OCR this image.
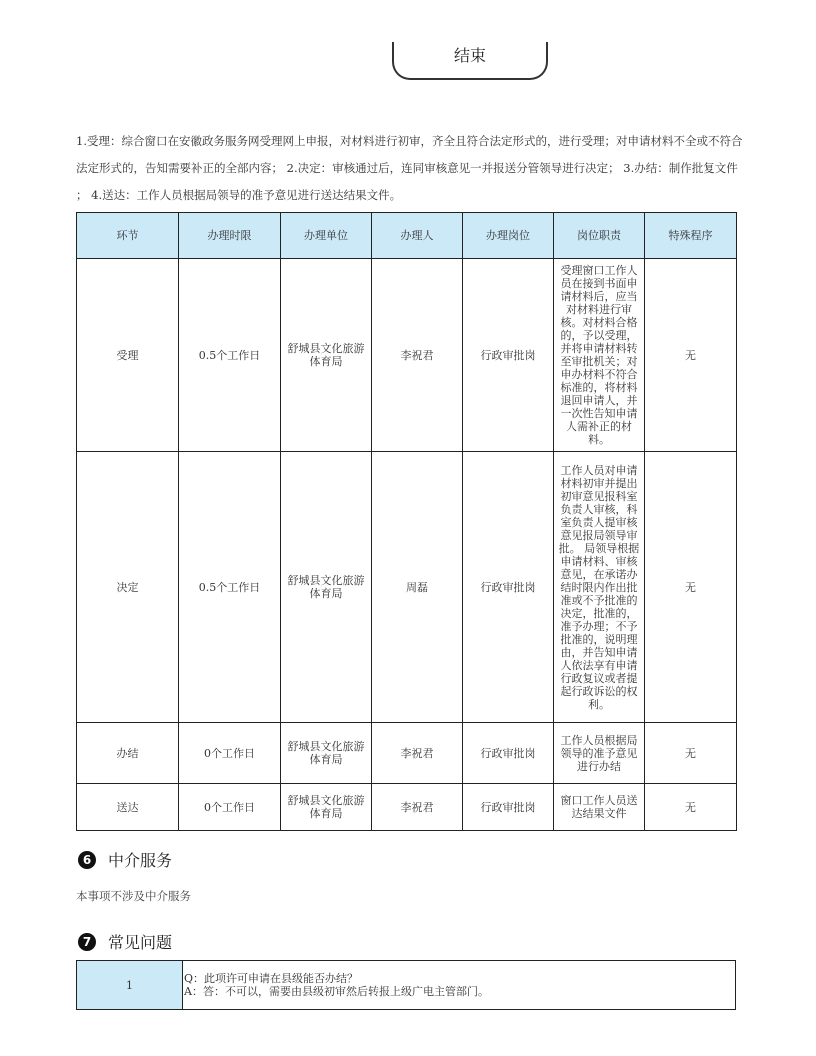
结束
1.受理：综合窗口在安徽政务服务网受理网上申报，对材料进行初审，齐全且符合法定形式的，进行受理；对申请材料不全或不符合
法定形式的，告知需要补正的全部内容； 2.决定：审核通过后，连同审核意见一并报送分管领导进行决定； 3.办结：制作批复文件
； 4.送达：工作人员根据局领导的准予意见进行送达结果文件。
环节	办理时限	办理单位	办理人	办理岗位	岗位职责	特殊程序
受理	0.5个工作日	舒城县文化旅游体育局	李祝君	行政审批岗	受理窗口工作人员在接到书面申请材料后，应当对材料进行审核。对材料合格的，予以受理，并将申请材料转至审批机关；对申办材料不符合标准的，将材料退回申请人，并一次性告知申请人需补正的材料。	无
决定	0.5个工作日	舒城县文化旅游体育局	周磊	行政审批岗	工作人员对申请材料初审并提出初审意见报科室负责人审核，科室负责人提审核意见报局领导审批。 局领导根据申请材料、审核意见，在承诺办结时限内作出批准或不予批准的决定，批准的，准予办理；不予批准的，说明理由，并告知申请人依法享有申请行政复议或者提起行政诉讼的权利。	无
办结	0个工作日	舒城县文化旅游体育局	李祝君	行政审批岗	工作人员根据局领导的准予意见进行办结	无
送达	0个工作日	舒城县文化旅游体育局	李祝君	行政审批岗	窗口工作人员送达结果文件	无
6	中介服务
本事项不涉及中介服务
7	常见问题
1	Q：此项许可申请在县级能否办结？
A：答：不可以，需要由县级初审然后转报上级广电主管部门。
